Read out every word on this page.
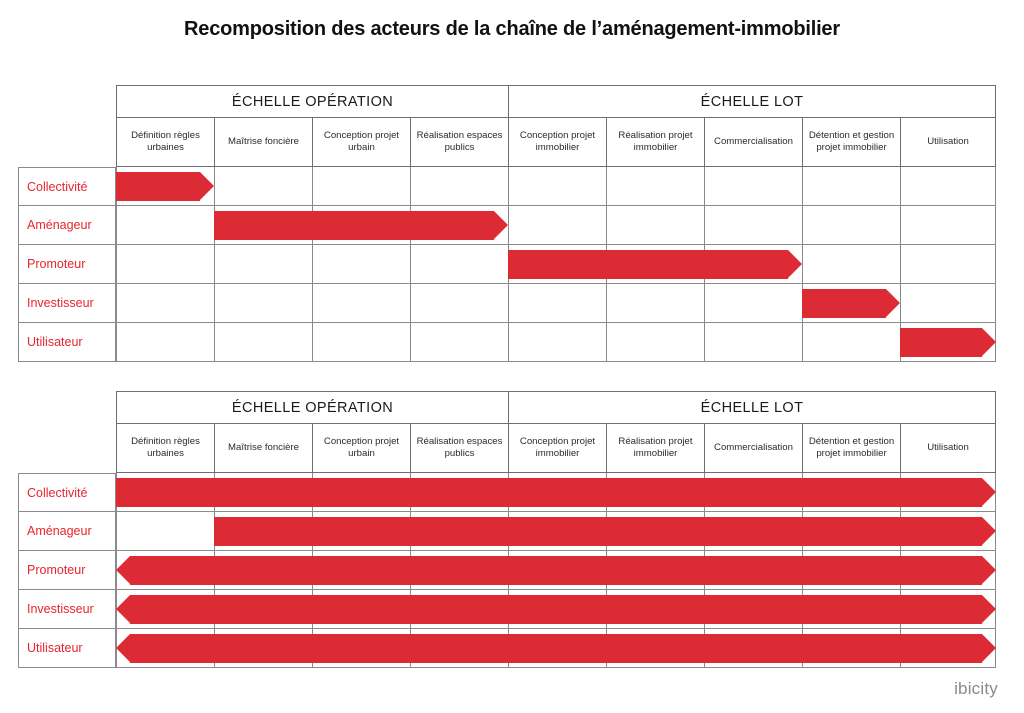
Recomposition des acteurs de la chaîne de l’aménagement-immobilier
ÉCHELLE OPÉRATION	ÉCHELLE LOT
Définition règles urbaines
Maîtrise foncière
Conception projet urbain
Réalisation espaces publics
Conception projet immobilier
Réalisation projet immobilier
Commercialisation
Détention et gestion projet immobilier
Utilisation
Collectivité
Aménageur
Promoteur
Investisseur
Utilisateur
ÉCHELLE OPÉRATION	ÉCHELLE LOT
Définition règles urbaines
Maîtrise foncière
Conception projet urbain
Réalisation espaces publics
Conception projet immobilier
Réalisation projet immobilier
Commercialisation
Détention et gestion projet immobilier
Utilisation
Collectivité
Aménageur
Promoteur
Investisseur
Utilisateur
ibicity
